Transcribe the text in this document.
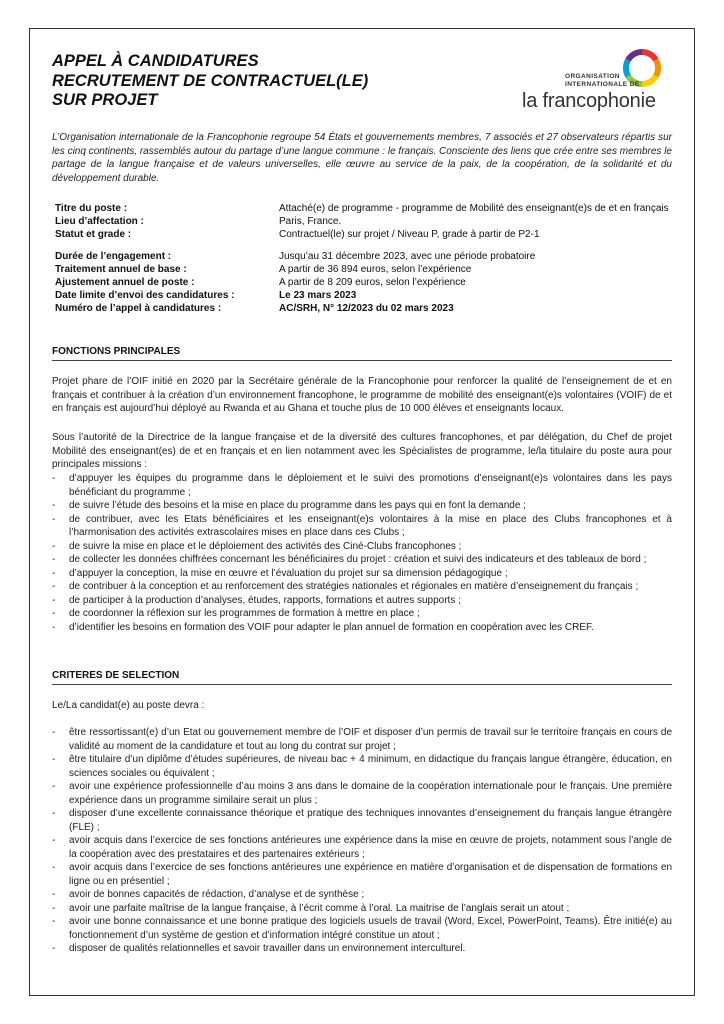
APPEL À CANDIDATURES
RECRUTEMENT DE CONTRACTUEL(LE)
SUR PROJET
ORGANISATION
INTERNATIONALE DE
la francophonie
L’Organisation internationale de la Francophonie regroupe 54 États et gouvernements membres, 7 associés et 27 observateurs répartis sur les cinq continents, rassemblés autour du partage d’une langue commune : le français. Consciente des liens que crée entre ses membres le partage de la langue française et de valeurs universelles, elle œuvre au service de la paix, de la coopération, de la solidarité et du développement durable.
Titre du poste :	Attaché(e) de programme - programme de Mobilité des enseignant(e)s de et en français
Lieu d’affectation :	Paris, France.
Statut et grade :	Contractuel(le) sur projet / Niveau P, grade à partir de P2-1
Durée de l’engagement :	Jusqu’au 31 décembre 2023, avec une période probatoire
Traitement annuel de base :	A partir de 36 894 euros, selon l’expérience
Ajustement annuel de poste :	A partir de 8 209 euros, selon l’expérience
Date limite d’envoi des candidatures :	Le 23 mars 2023
Numéro de l’appel à candidatures :	AC/SRH, N° 12/2023 du 02 mars 2023
FONCTIONS PRINCIPALES
Projet phare de l’OIF initié en 2020 par la Secrétaire générale de la Francophonie pour renforcer la qualité de l’enseignement de et en français et contribuer à la création d’un environnement francophone, le programme de mobilité des enseignant(e)s volontaires (VOIF) de et en français est aujourd’hui déployé au Rwanda et au Ghana et touche plus de 10 000 élèves et enseignants locaux.
Sous l’autorité de la Directrice de la langue française et de la diversité des cultures francophones, et par délégation, du Chef de projet Mobilité des enseignant(es) de et en français et en lien notamment avec les Spécialistes de programme, le/la titulaire du poste aura pour principales missions :
- d’appuyer les équipes du programme dans le déploiement et le suivi des promotions d’enseignant(e)s volontaires dans les pays bénéficiant du programme ;
- de suivre l’étude des besoins et la mise en place du programme dans les pays qui en font la demande ;
- de contribuer, avec les Etats bénéficiaires et les enseignant(e)s volontaires à la mise en place des Clubs francophones et à l’harmonisation des activités extrascolaires mises en place dans ces Clubs ;
- de suivre la mise en place et le déploiement des activités des Ciné-Clubs francophones ;
- de collecter les données chiffrées concernant les bénéficiaires du projet : création et suivi des indicateurs et des tableaux de bord ;
- d’appuyer la conception, la mise en œuvre et l’évaluation du projet sur sa dimension pédagogique ;
- de contribuer à la conception et au renforcement des stratégies nationales et régionales en matière d’enseignement du français ;
- de participer à la production d’analyses, études, rapports, formations et autres supports ;
- de coordonner la réflexion sur les programmes de formation à mettre en place ;
- d’identifier les besoins en formation des VOIF pour adapter le plan annuel de formation en coopération avec les CREF.
CRITERES DE SELECTION
Le/La candidat(e) au poste devra :
- être ressortissant(e) d’un Etat ou gouvernement membre de l’OIF et disposer d’un permis de travail sur le territoire français en cours de validité au moment de la candidature et tout au long du contrat sur projet ;
- être titulaire d’un diplôme d’études supérieures, de niveau bac + 4 minimum, en didactique du français langue étrangère, éducation, en sciences sociales ou équivalent ;
- avoir une expérience professionnelle d’au moins 3 ans dans le domaine de la coopération internationale pour le français. Une première expérience dans un programme similaire serait un plus ;
- disposer d’une excellente connaissance théorique et pratique des techniques innovantes d’enseignement du français langue étrangère (FLE) ;
- avoir acquis dans l’exercice de ses fonctions antérieures une expérience dans la mise en œuvre de projets, notamment sous l’angle de la coopération avec des prestataires et des partenaires extérieurs ;
- avoir acquis dans l’exercice de ses fonctions antérieures une expérience en matière d’organisation et de dispensation de formations en ligne ou en présentiel ;
- avoir de bonnes capacités de rédaction, d’analyse et de synthèse ;
- avoir une parfaite maîtrise de la langue française, à l’écrit comme à l’oral. La maitrise de l’anglais serait un atout ;
- avoir une bonne connaissance et une bonne pratique des logiciels usuels de travail (Word, Excel, PowerPoint, Teams). Être initié(e) au fonctionnement d’un système de gestion et d’information intégré constitue un atout ;
- disposer de qualités relationnelles et savoir travailler dans un environnement interculturel.
